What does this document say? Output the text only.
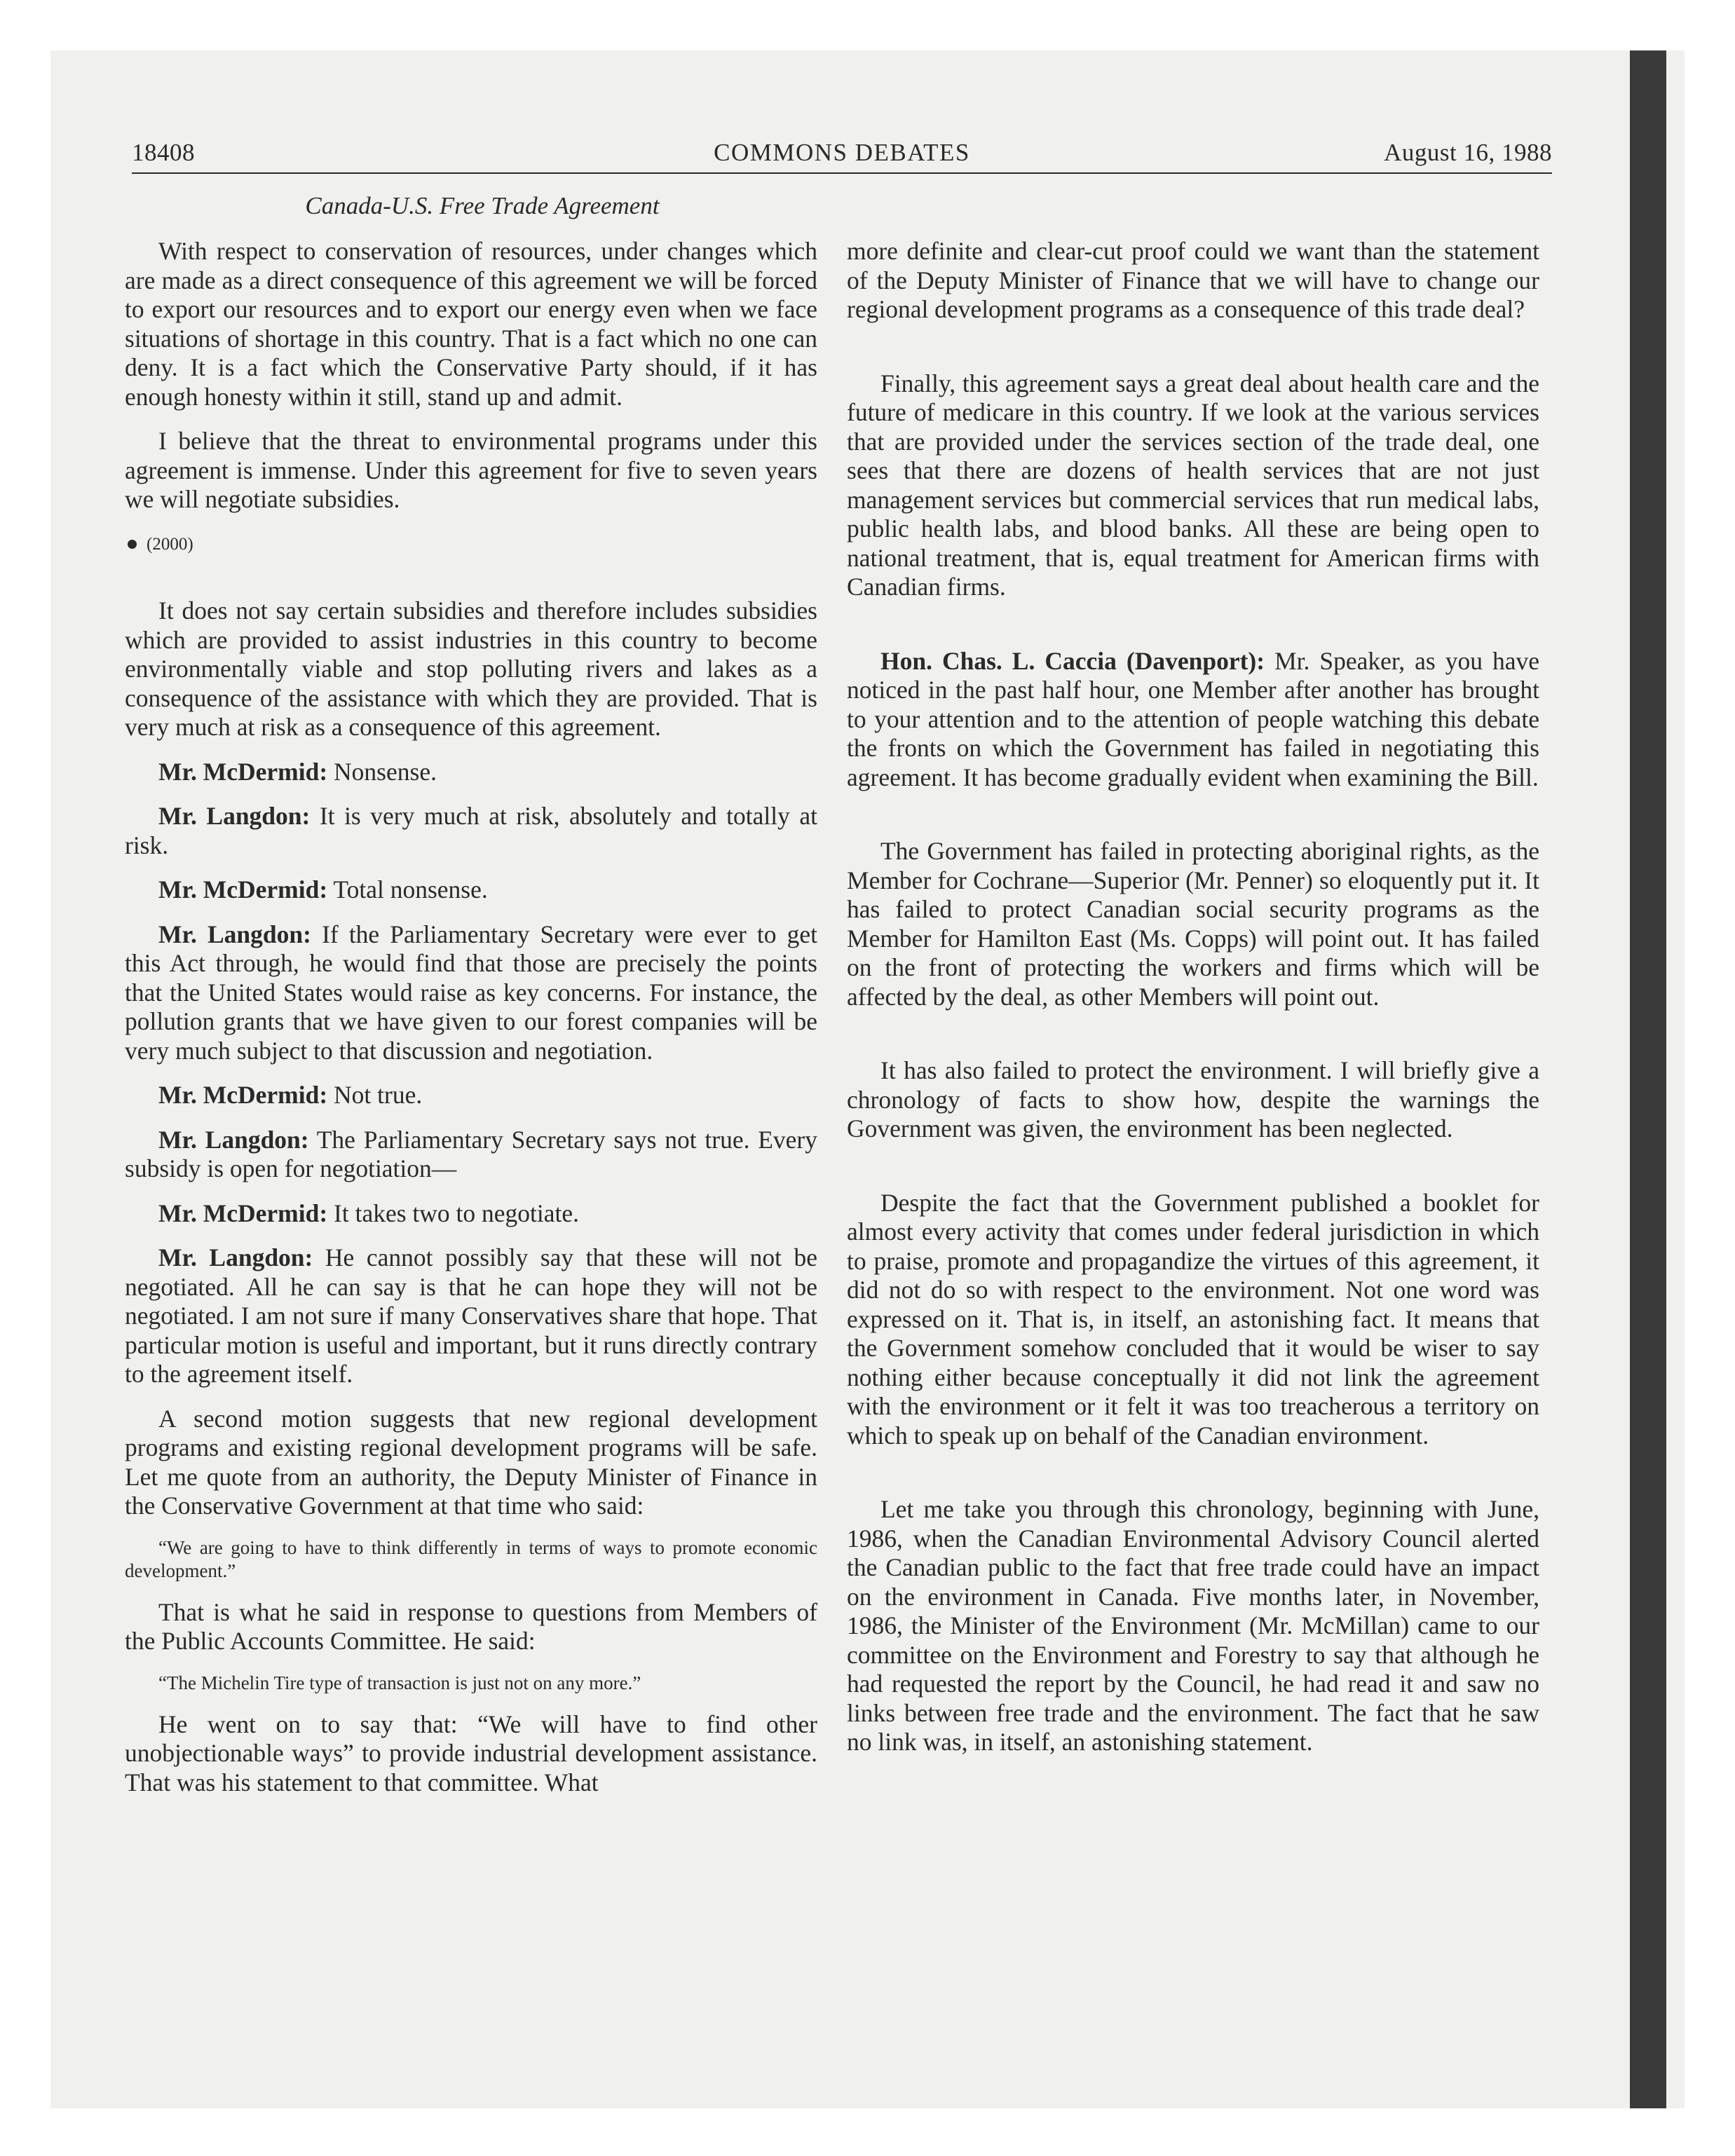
18408	COMMONS DEBATES	August 16, 1988
Canada-U.S. Free Trade Agreement

With respect to conservation of resources, under changes which are made as a direct consequence of this agreement we will be forced to export our resources and to export our energy even when we face situations of shortage in this country. That is a fact which no one can deny. It is a fact which the Conservative Party should, if it has enough honesty within it still, stand up and admit.

I believe that the threat to environmental programs under this agreement is immense. Under this agreement for five to seven years we will negotiate subsidies.

(2000)

It does not say certain subsidies and therefore includes subsidies which are provided to assist industries in this country to become environmentally viable and stop polluting rivers and lakes as a consequence of the assistance with which they are provided. That is very much at risk as a consequence of this agreement.

Mr. McDermid: Nonsense.

Mr. Langdon: It is very much at risk, absolutely and totally at risk.

Mr. McDermid: Total nonsense.

Mr. Langdon: If the Parliamentary Secretary were ever to get this Act through, he would find that those are precisely the points that the United States would raise as key concerns. For instance, the pollution grants that we have given to our forest companies will be very much subject to that discussion and negotiation.

Mr. McDermid: Not true.

Mr. Langdon: The Parliamentary Secretary says not true. Every subsidy is open for negotiation—

Mr. McDermid: It takes two to negotiate.

Mr. Langdon: He cannot possibly say that these will not be negotiated. All he can say is that he can hope they will not be negotiated. I am not sure if many Conservatives share that hope. That particular motion is useful and important, but it runs directly contrary to the agreement itself.

A second motion suggests that new regional development programs and existing regional development programs will be safe. Let me quote from an authority, the Deputy Minister of Finance in the Conservative Government at that time who said:

“We are going to have to think differently in terms of ways to promote economic development.”

That is what he said in response to questions from Members of the Public Accounts Committee. He said:

“The Michelin Tire type of transaction is just not on any more.”

He went on to say that: “We will have to find other unobjectionable ways” to provide industrial development assistance. That was his statement to that committee. What

more definite and clear-cut proof could we want than the statement of the Deputy Minister of Finance that we will have to change our regional development programs as a consequence of this trade deal?

Finally, this agreement says a great deal about health care and the future of medicare in this country. If we look at the various services that are provided under the services section of the trade deal, one sees that there are dozens of health services that are not just management services but commercial services that run medical labs, public health labs, and blood banks. All these are being open to national treatment, that is, equal treatment for American firms with Canadian firms.

Hon. Chas. L. Caccia (Davenport): Mr. Speaker, as you have noticed in the past half hour, one Member after another has brought to your attention and to the attention of people watching this debate the fronts on which the Government has failed in negotiating this agreement. It has become gradually evident when examining the Bill.

The Government has failed in protecting aboriginal rights, as the Member for Cochrane—Superior (Mr. Penner) so eloquently put it. It has failed to protect Canadian social security programs as the Member for Hamilton East (Ms. Copps) will point out. It has failed on the front of protecting the workers and firms which will be affected by the deal, as other Members will point out.

It has also failed to protect the environment. I will briefly give a chronology of facts to show how, despite the warnings the Government was given, the environment has been neglected.

Despite the fact that the Government published a booklet for almost every activity that comes under federal jurisdiction in which to praise, promote and propagandize the virtues of this agreement, it did not do so with respect to the environment. Not one word was expressed on it. That is, in itself, an astonishing fact. It means that the Government somehow concluded that it would be wiser to say nothing either because conceptually it did not link the agreement with the environment or it felt it was too treacherous a territory on which to speak up on behalf of the Canadian environment.

Let me take you through this chronology, beginning with June, 1986, when the Canadian Environmental Advisory Council alerted the Canadian public to the fact that free trade could have an impact on the environment in Canada. Five months later, in November, 1986, the Minister of the Environment (Mr. McMillan) came to our committee on the Environment and Forestry to say that although he had requested the report by the Council, he had read it and saw no links between free trade and the environment. The fact that he saw no link was, in itself, an astonishing statement.
